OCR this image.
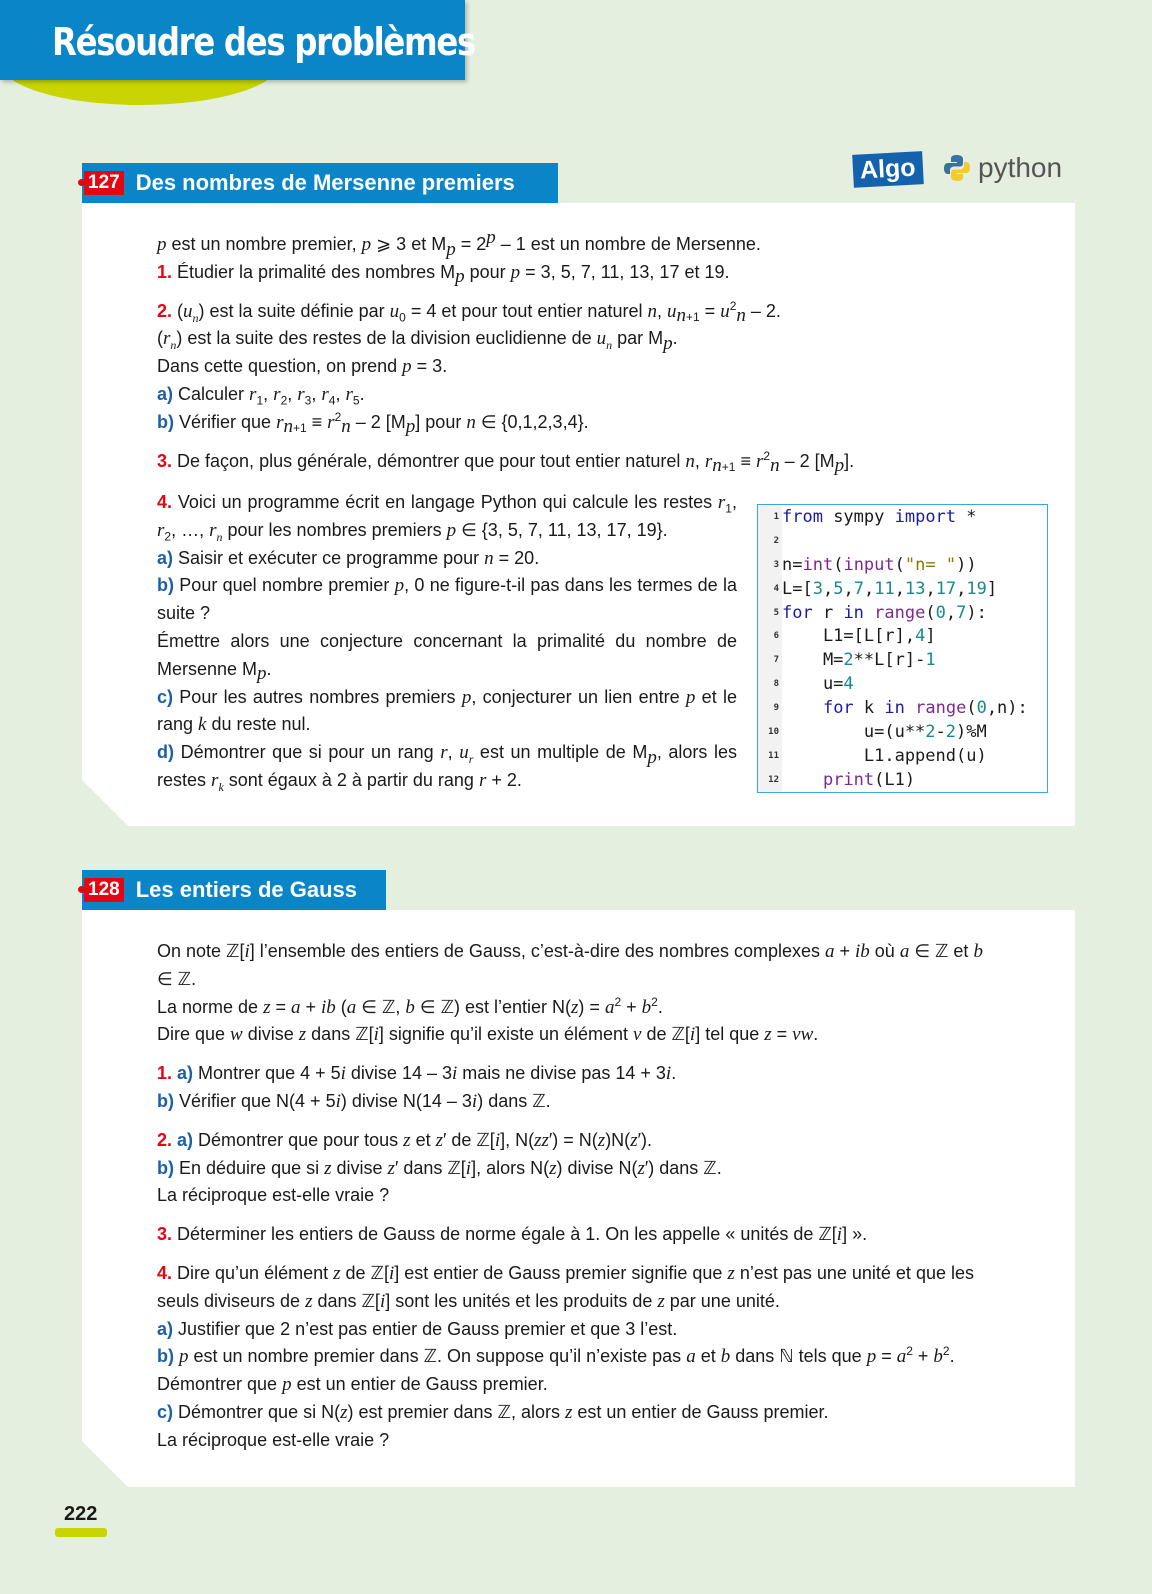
Résoudre des problèmes
Algo python
127 Des nombres de Mersenne premiers

p est un nombre premier, p ⩾ 3 et $M_p = 2^p - 1$ est un nombre de Mersenne.

1. Étudier la primalité des nombres $M_p$ pour p = 3, 5, 7, 11, 13, 17 et 19.

2. $(u_n)$ est la suite définie par $u_0 = 4$ et pour tout entier naturel n, $u_{n+1} = u^2_n - 2$.

$(r_n)$ est la suite des restes de la division euclidienne de $u_n$ par $M_p$.

Dans cette question, on prend p = 3.

a) Calculer $r_1$, $r_2$, $r_3$, $r_4$, $r_5$.

b) Vérifier que $r_{n+1} \equiv r^2_n - 2$ $[M_p]$ pour n ∈ {0,1,2,3,4}.

3. De façon, plus générale, démontrer que pour tout entier naturel n, $r_{n+1} \equiv r^2_n - 2$ $[M_p]$.

4. Voici un programme écrit en langage Python qui calcule les restes $r_1$, $r_2$, …, $r_n$ pour les nombres premiers p ∈ {3, 5, 7, 11, 13, 17, 19}.

a) Saisir et exécuter ce programme pour n = 20.

b) Pour quel nombre premier p, 0 ne figure-t-il pas dans les termes de la suite ?

Émettre alors une conjecture concernant la primalité du nombre de Mersenne $M_p$.

c) Pour les autres nombres premiers p, conjecturer un lien entre p et le rang k du reste nul.

d) Démontrer que si pour un rang r, $u_r$ est un multiple de $M_p$, alors les restes $r_k$ sont égaux à 2 à partir du rang r + 2.

1 from sympy import *
2
3 n=int(input("n= "))
4 L=[3,5,7,11,13,17,19]
5 for r in range(0,7):
6 L1=[L[r],4]
7 M=2**L[r]-1
8 u=4
9	for k in range(0,n):
10 u=(u**2-2)%M
11 L1.append(u)
12	print(L1)
128 Les entiers de Gauss

On note ℤ[i] l’ensemble des entiers de Gauss, c’est-à-dire des nombres complexes a + ib où a ∈ ℤ et b ∈ ℤ.

La norme de z = a + ib (a ∈ ℤ, b ∈ ℤ) est l’entier $N(z) = a^2 + b^2$.

Dire que w divise z dans ℤ[i] signifie qu’il existe un élément v de ℤ[i] tel que z = vw.

1. a) Montrer que 4 + 5i divise 14 – 3i mais ne divise pas 14 + 3i.

b) Vérifier que N(4 + 5i) divise N(14 – 3i) dans ℤ.

2. a) Démontrer que pour tous z et z′ de ℤ[i], N(zz′) = N(z)N(z′).

b) En déduire que si z divise z′ dans ℤ[i], alors N(z) divise N(z′) dans ℤ.

La réciproque est-elle vraie ?

3. Déterminer les entiers de Gauss de norme égale à 1. On les appelle « unités de ℤ[i] ».

4. Dire qu’un élément z de ℤ[i] est entier de Gauss premier signifie que z n’est pas une unité et que les seuls diviseurs de z dans ℤ[i] sont les unités et les produits de z par une unité.

a) Justifier que 2 n’est pas entier de Gauss premier et que 3 l’est.

b) p est un nombre premier dans ℤ. On suppose qu’il n’existe pas a et b dans ℕ tels que $p = a^2 + b^2$.

Démontrer que p est un entier de Gauss premier.

c) Démontrer que si N(z) est premier dans ℤ, alors z est un entier de Gauss premier.

La réciproque est-elle vraie ?

222
